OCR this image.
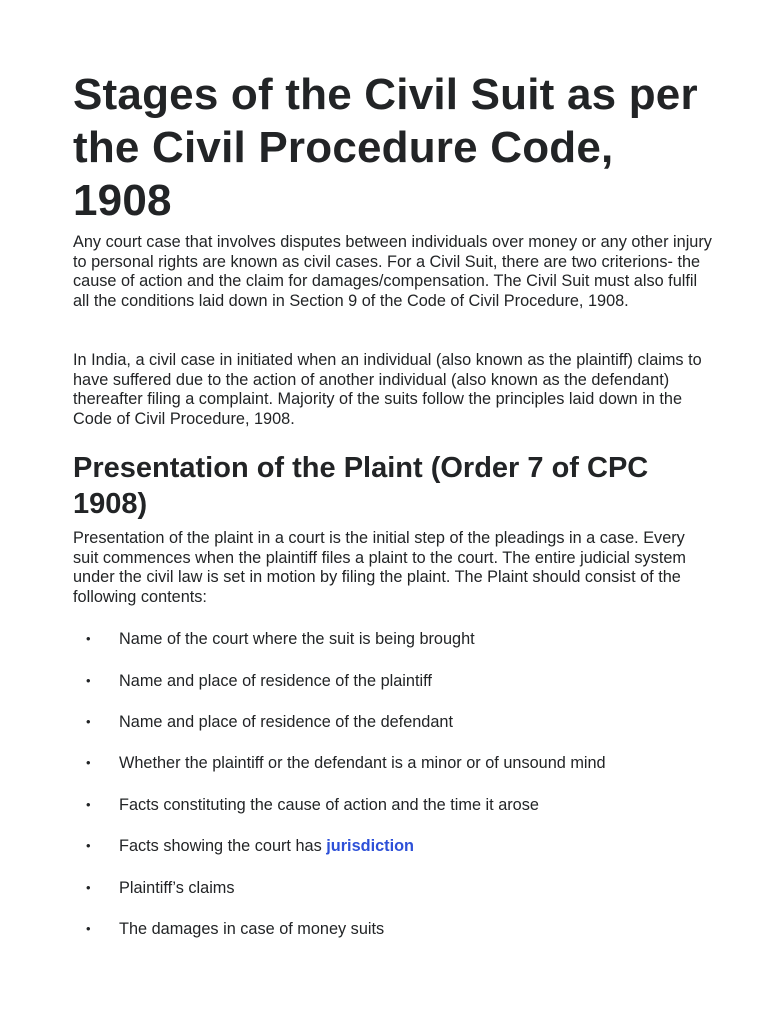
Stages of the Civil Suit as per the Civil Procedure Code, 1908

Any court case that involves disputes between individuals over money or any other injury to personal rights are known as civil cases. For a Civil Suit, there are two criterions- the cause of action and the claim for damages/compensation. The Civil Suit must also fulfil all the conditions laid down in Section 9 of the Code of Civil Procedure, 1908.

In India, a civil case in initiated when an individual (also known as the plaintiff) claims to have suffered due to the action of another individual (also known as the defendant) thereafter filing a complaint. Majority of the suits follow the principles laid down in the Code of Civil Procedure, 1908.

Presentation of the Plaint (Order 7 of CPC 1908)

Presentation of the plaint in a court is the initial step of the pleadings in a case. Every suit commences when the plaintiff files a plaint to the court. The entire judicial system under the civil law is set in motion by filing the plaint. The Plaint should consist of the following contents:

• Name of the court where the suit is being brought
• Name and place of residence of the plaintiff
• Name and place of residence of the defendant
• Whether the plaintiff or the defendant is a minor or of unsound mind
• Facts constituting the cause of action and the time it arose
• Facts showing the court has jurisdiction
• Plaintiff’s claims
• The damages in case of money suits
